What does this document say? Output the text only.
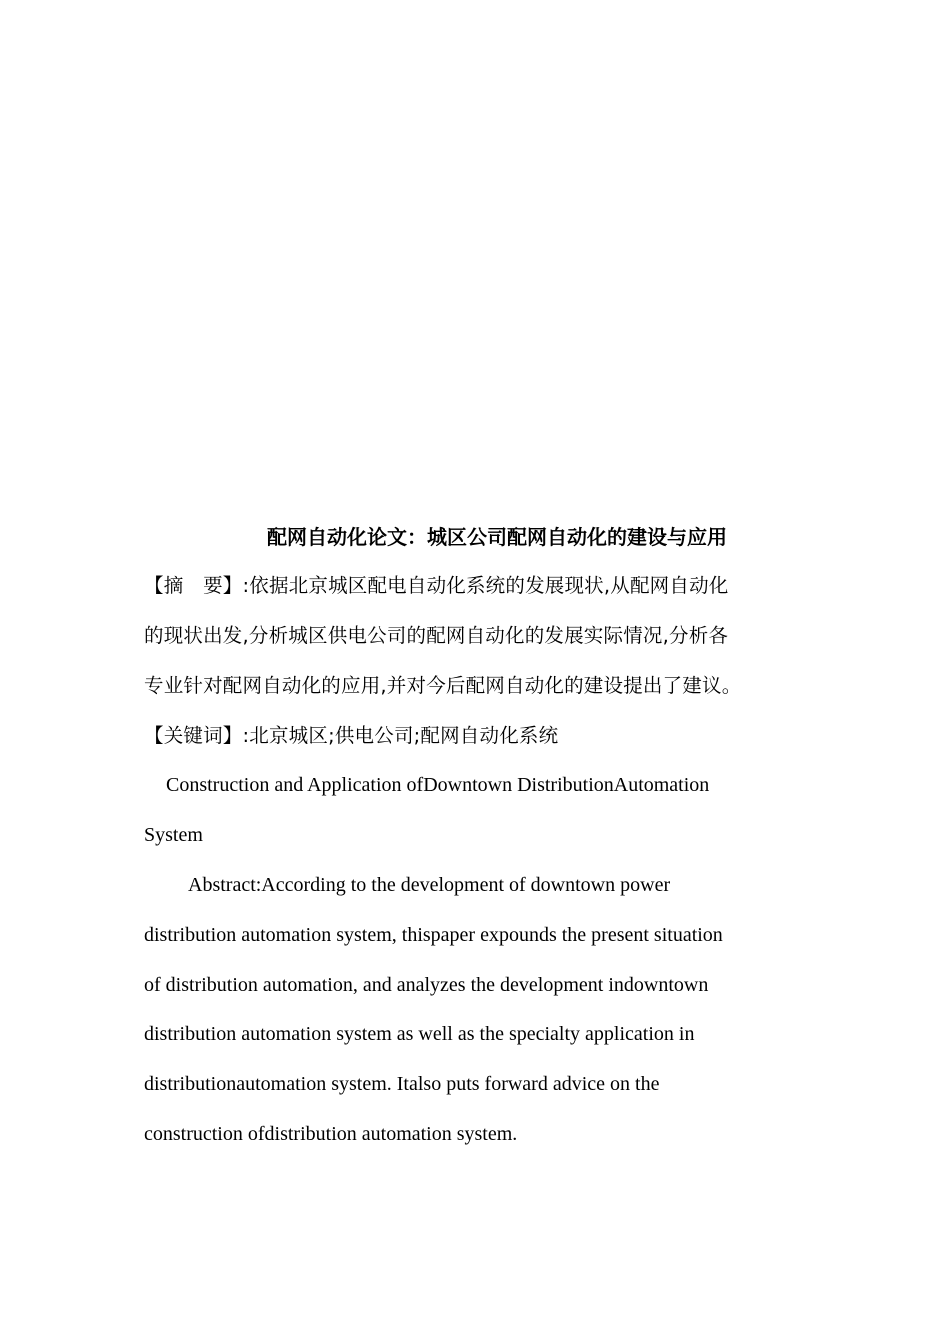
配网自动化论文：城区公司配网自动化的建设与应用
【摘　要】:依据北京城区配电自动化系统的发展现状,从配网自动化
的现状出发,分析城区供电公司的配网自动化的发展实际情况,分析各
专业针对配网自动化的应用,并对今后配网自动化的建设提出了建议。
【关键词】:北京城区;供电公司;配网自动化系统
Construction and Application ofDowntown DistributionAutomation
System
Abstract:According to the development of downtown power
distribution automation system, thispaper expounds the present situation
of distribution automation, and analyzes the development indowntown
distribution automation system as well as the specialty application in
distributionautomation system. Italso puts forward advice on the
construction ofdistribution automation system.
